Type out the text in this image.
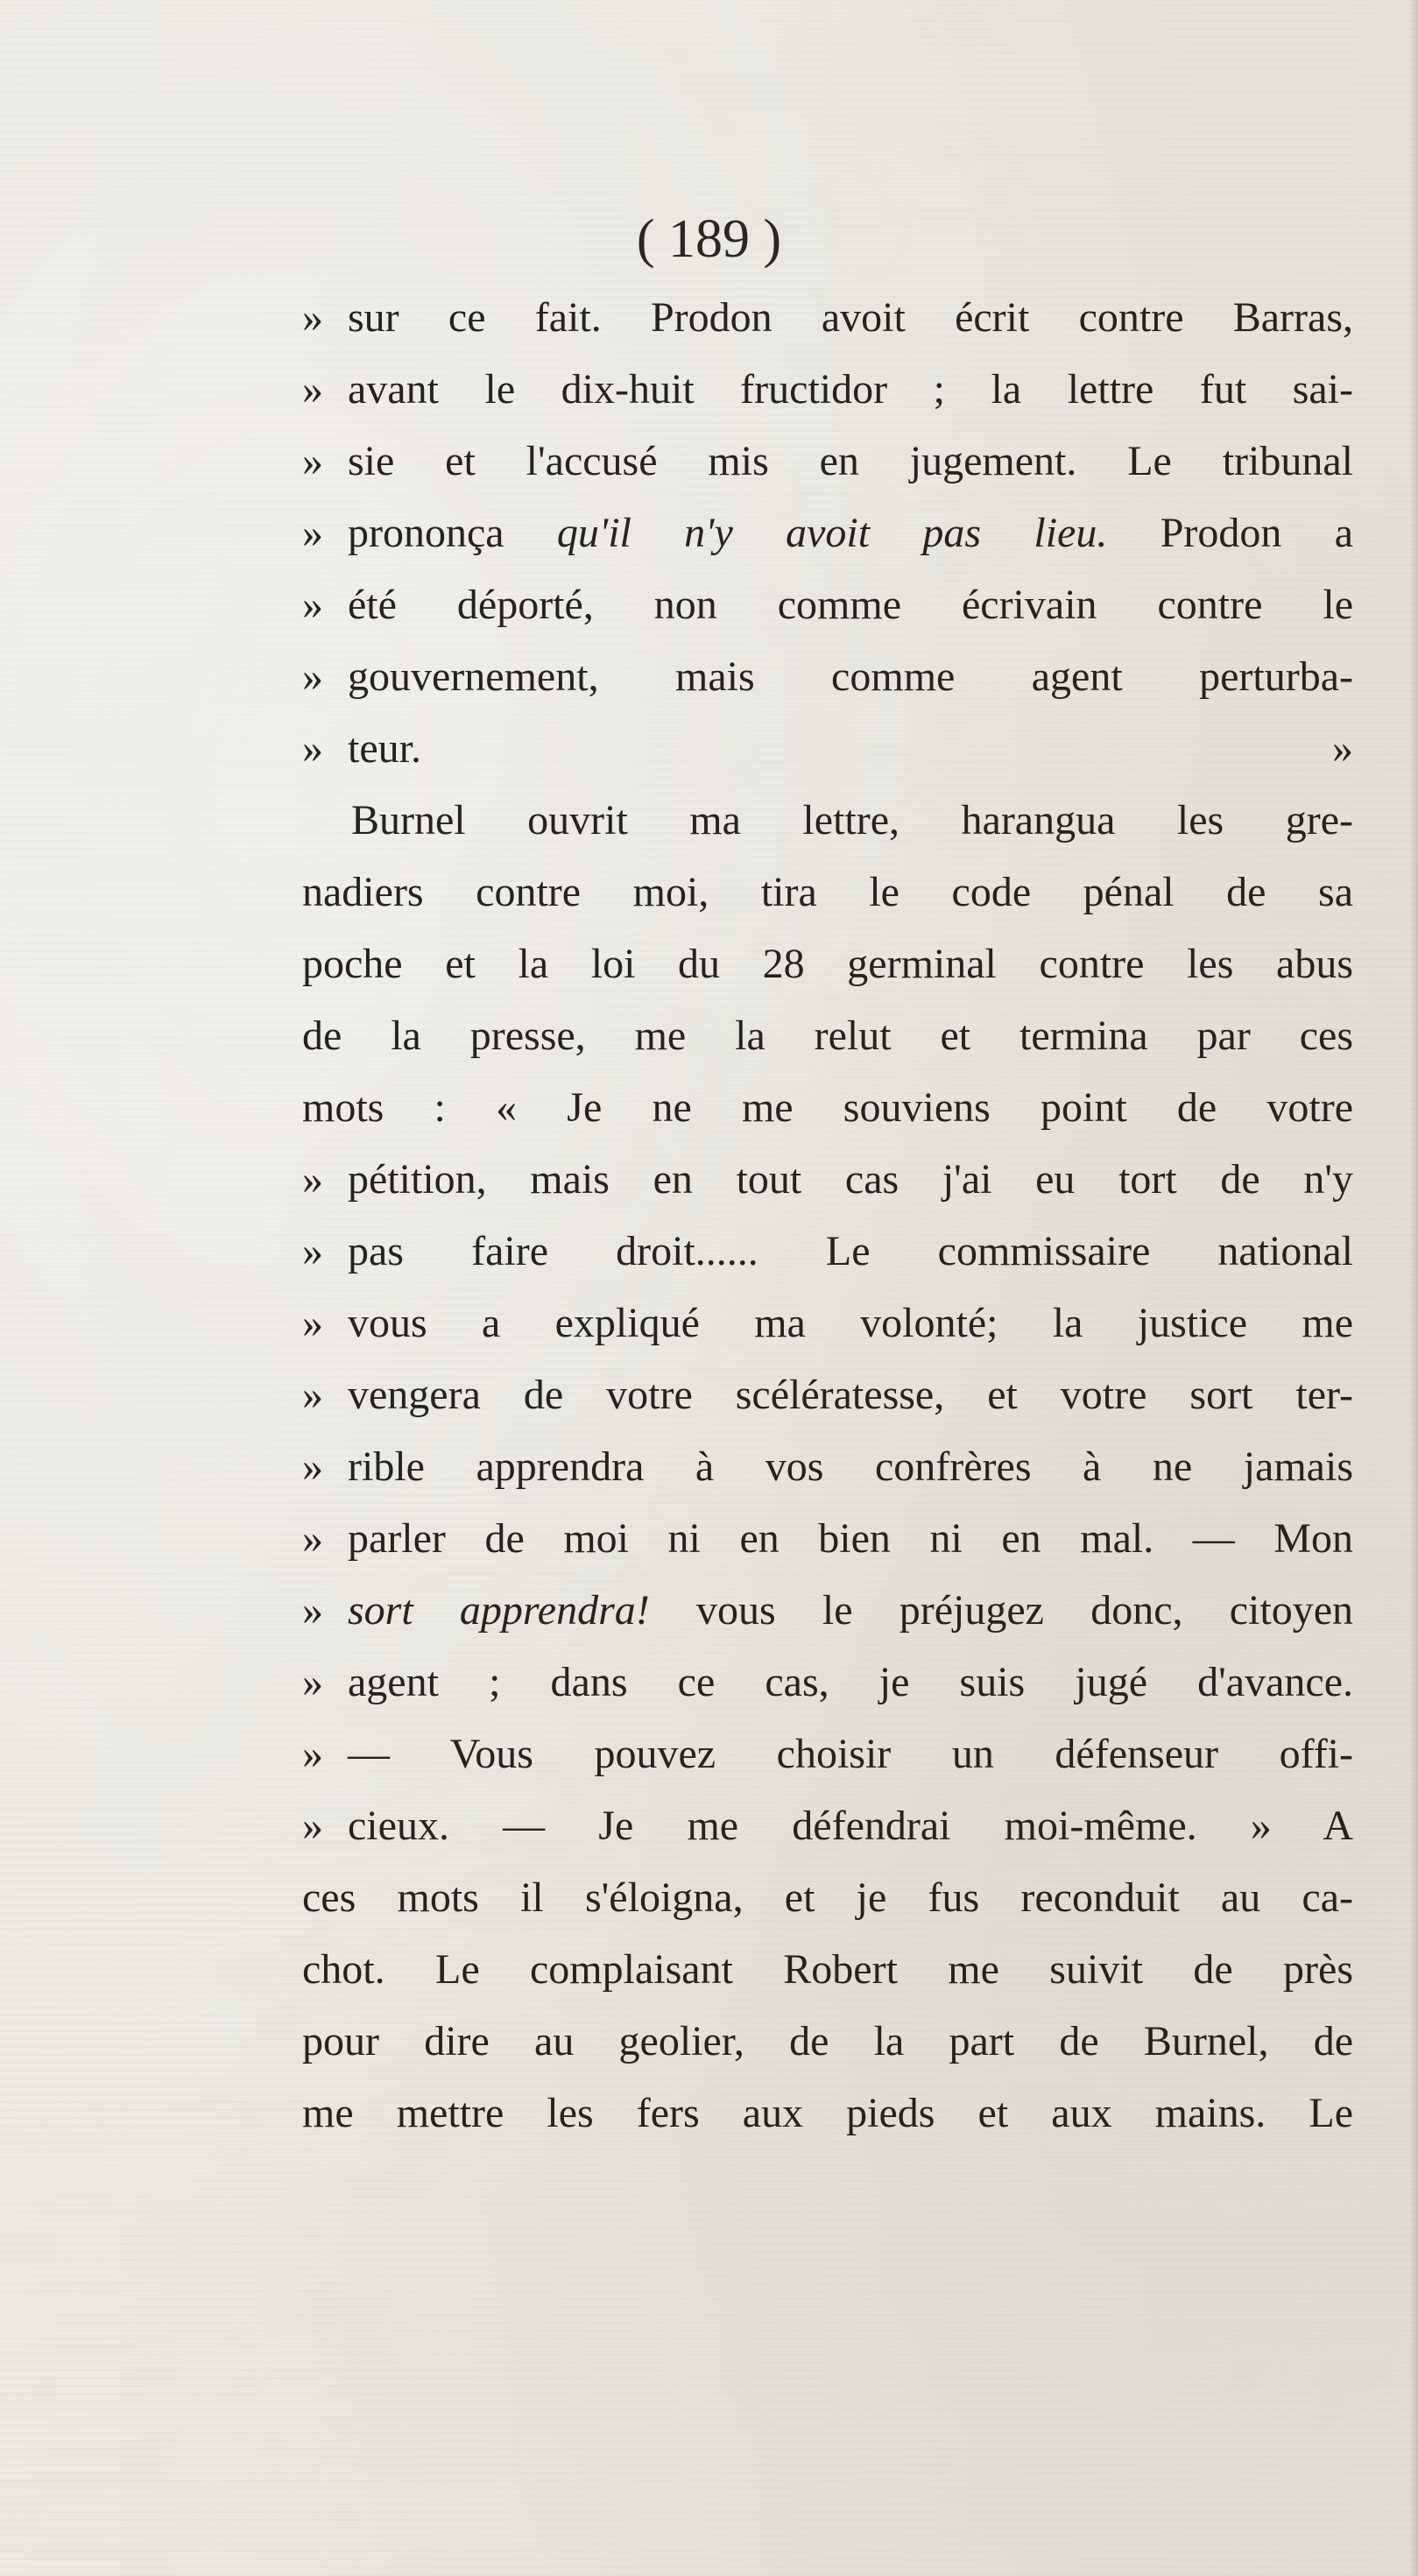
( 189 )
» sur ce fait. Prodon avoit écrit contre Barras,
» avant le dix-huit fructidor ; la lettre fut sai-
» sie et l'accusé mis en jugement. Le tribunal
» prononça qu'il n'y avoit pas lieu. Prodon a
» été déporté, non comme écrivain contre le
» gouvernement, mais comme agent perturba-
» teur. »
Burnel ouvrit ma lettre, harangua les gre-
nadiers contre moi, tira le code pénal de sa
poche et la loi du 28 germinal contre les abus
de la presse, me la relut et termina par ces
mots : « Je ne me souviens point de votre
» pétition, mais en tout cas j'ai eu tort de n'y
» pas faire droit...... Le commissaire national
» vous a expliqué ma volonté; la justice me
» vengera de votre scélératesse, et votre sort ter-
» rible apprendra à vos confrères à ne jamais
» parler de moi ni en bien ni en mal. — Mon
» sort apprendra! vous le préjugez donc, citoyen
» agent ; dans ce cas, je suis jugé d'avance.
» — Vous pouvez choisir un défenseur offi-
» cieux. — Je me défendrai moi-même. » A
ces mots il s'éloigna, et je fus reconduit au ca-
chot. Le complaisant Robert me suivit de près
pour dire au geolier, de la part de Burnel, de
me mettre les fers aux pieds et aux mains. Le
